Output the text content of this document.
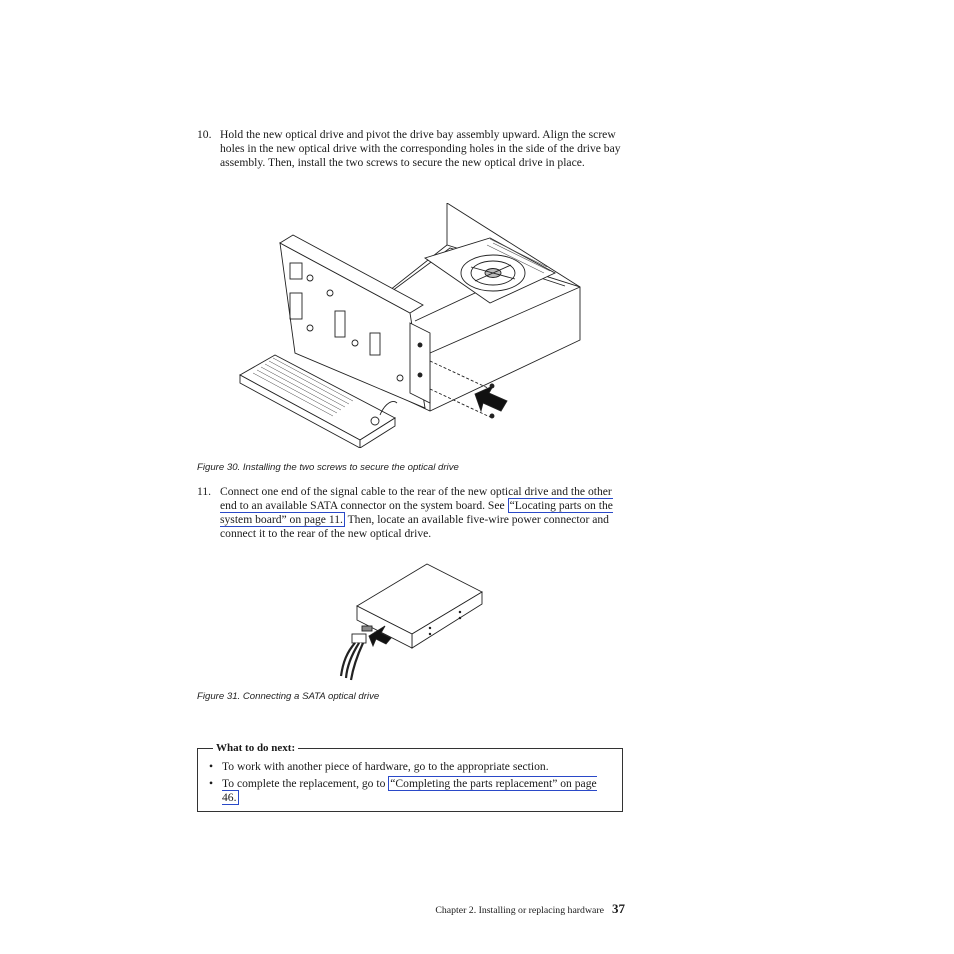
10. Hold the new optical drive and pivot the drive bay assembly upward. Align the screw holes in the new optical drive with the corresponding holes in the side of the drive bay assembly. Then, install the two screws to secure the new optical drive in place.
Figure 30. Installing the two screws to secure the optical drive
11. Connect one end of the signal cable to the rear of the new optical drive and the other end to an available SATA connector on the system board. See “Locating parts on the system board” on page 11. Then, locate an available five-wire power connector and connect it to the rear of the new optical drive.
Figure 31. Connecting a SATA optical drive
What to do next:
• To work with another piece of hardware, go to the appropriate section.
• To complete the replacement, go to “Completing the parts replacement” on page 46.
Chapter 2. Installing or replacing hardware 37
